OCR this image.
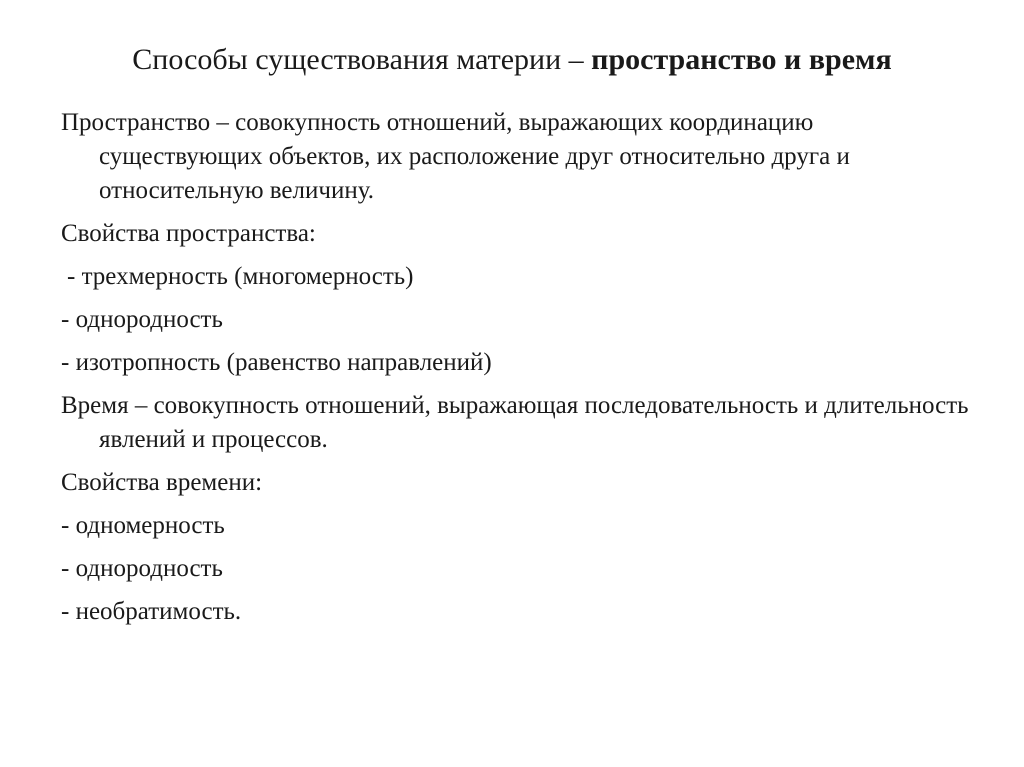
Способы существования материи – пространство и время

Пространство – совокупность отношений, выражающих координацию существующих объектов, их расположение друг относительно друга и относительную величину.

Свойства пространства:

- трехмерность (многомерность)

- однородность

- изотропность (равенство направлений)

Время – совокупность отношений, выражающая последовательность и длительность явлений и процессов.

Свойства времени:

- одномерность

- однородность

- необратимость.
